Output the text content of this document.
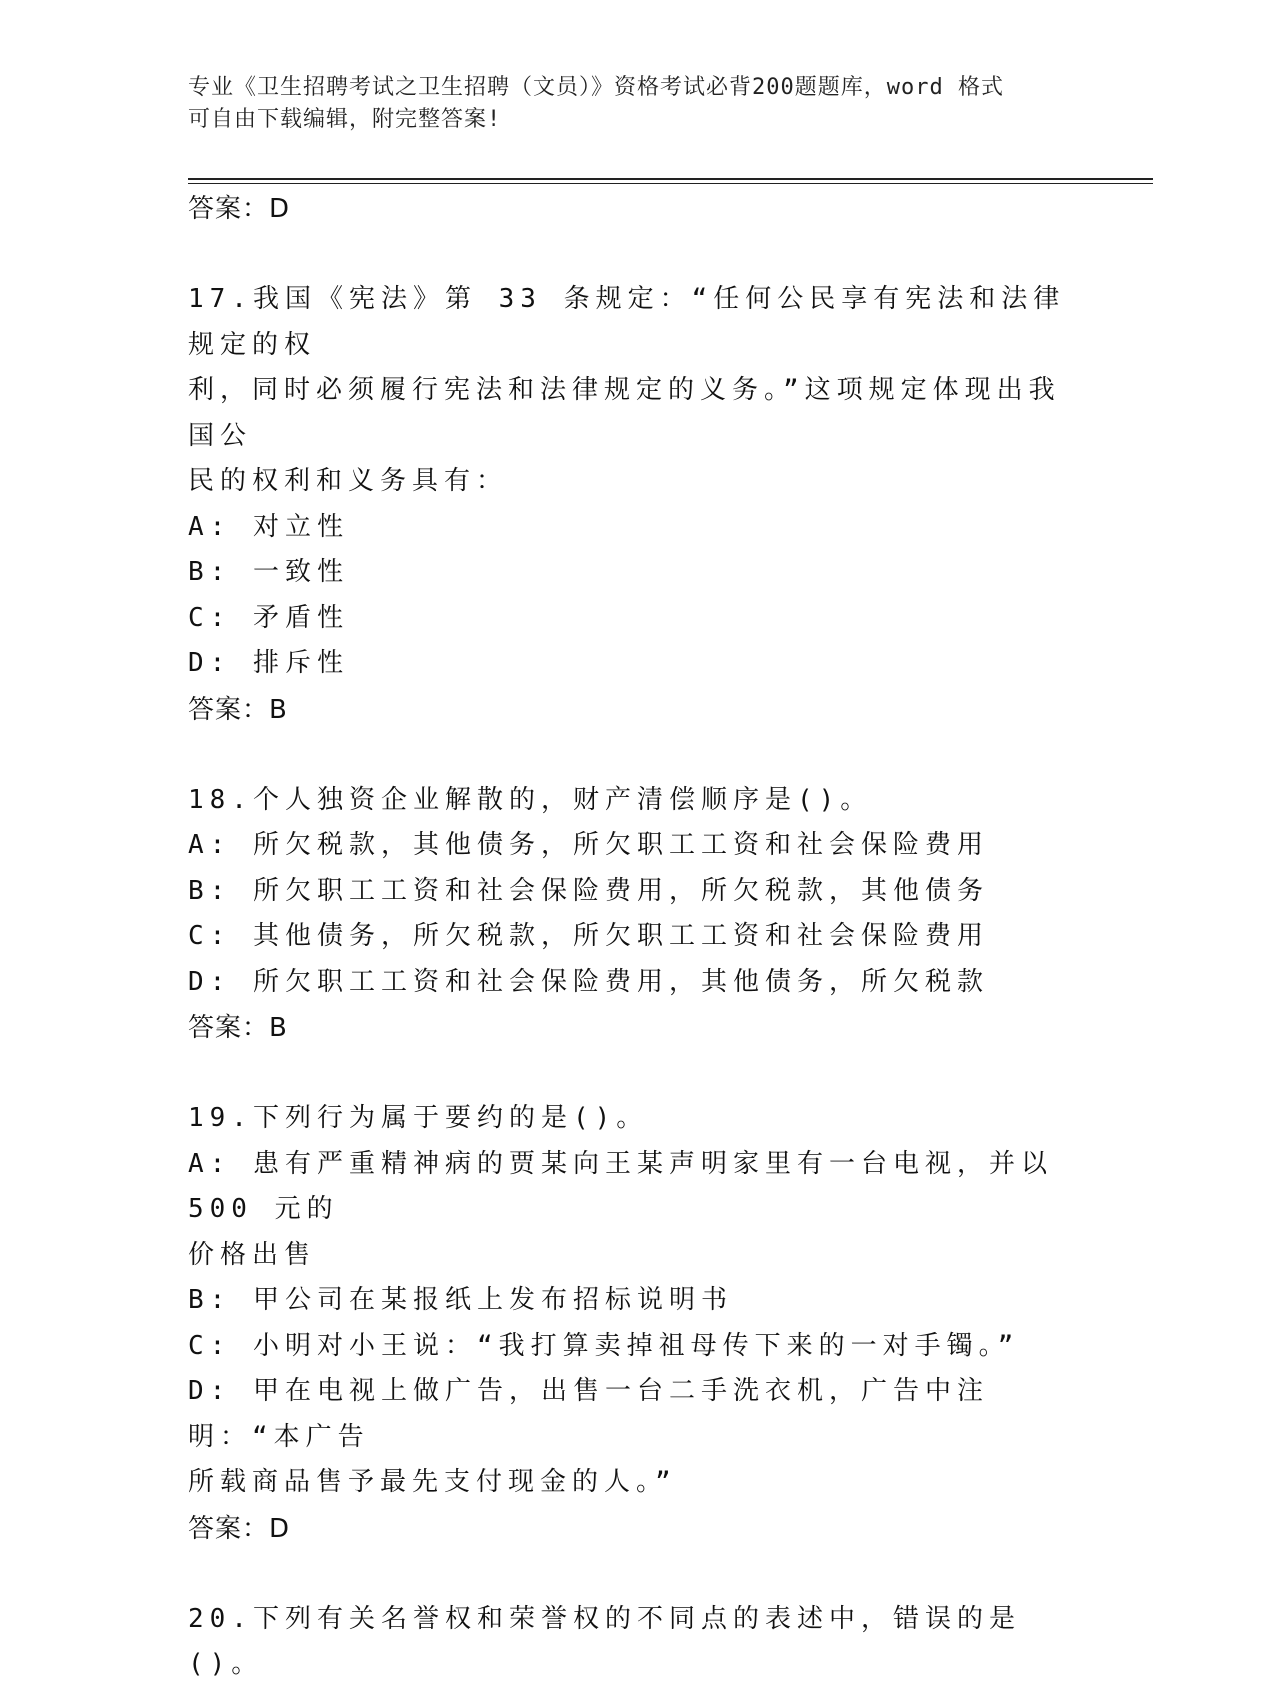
专业《卫生招聘考试之卫生招聘（文员）》资格考试必背200题题库，word 格式
可自由下载编辑，附完整答案!
答案：D
17.我国《宪法》第 33 条规定：“任何公民享有宪法和法律规定的权
利，同时必须履行宪法和法律规定的义务。”这项规定体现出我国公
民的权利和义务具有：
A: 对立性
B: 一致性
C: 矛盾性
D: 排斥性
答案：B
18.个人独资企业解散的，财产清偿顺序是()。
A: 所欠税款，其他债务，所欠职工工资和社会保险费用
B: 所欠职工工资和社会保险费用，所欠税款，其他债务
C: 其他债务，所欠税款，所欠职工工资和社会保险费用
D: 所欠职工工资和社会保险费用，其他债务，所欠税款
答案：B
19.下列行为属于要约的是()。
A: 患有严重精神病的贾某向王某声明家里有一台电视，并以 500 元的
价格出售
B: 甲公司在某报纸上发布招标说明书
C: 小明对小王说：“我打算卖掉祖母传下来的一对手镯。”
D: 甲在电视上做广告，出售一台二手洗衣机，广告中注明：“本广告
所载商品售予最先支付现金的人。”
答案：D
20.下列有关名誉权和荣誉权的不同点的表述中，错误的是()。
